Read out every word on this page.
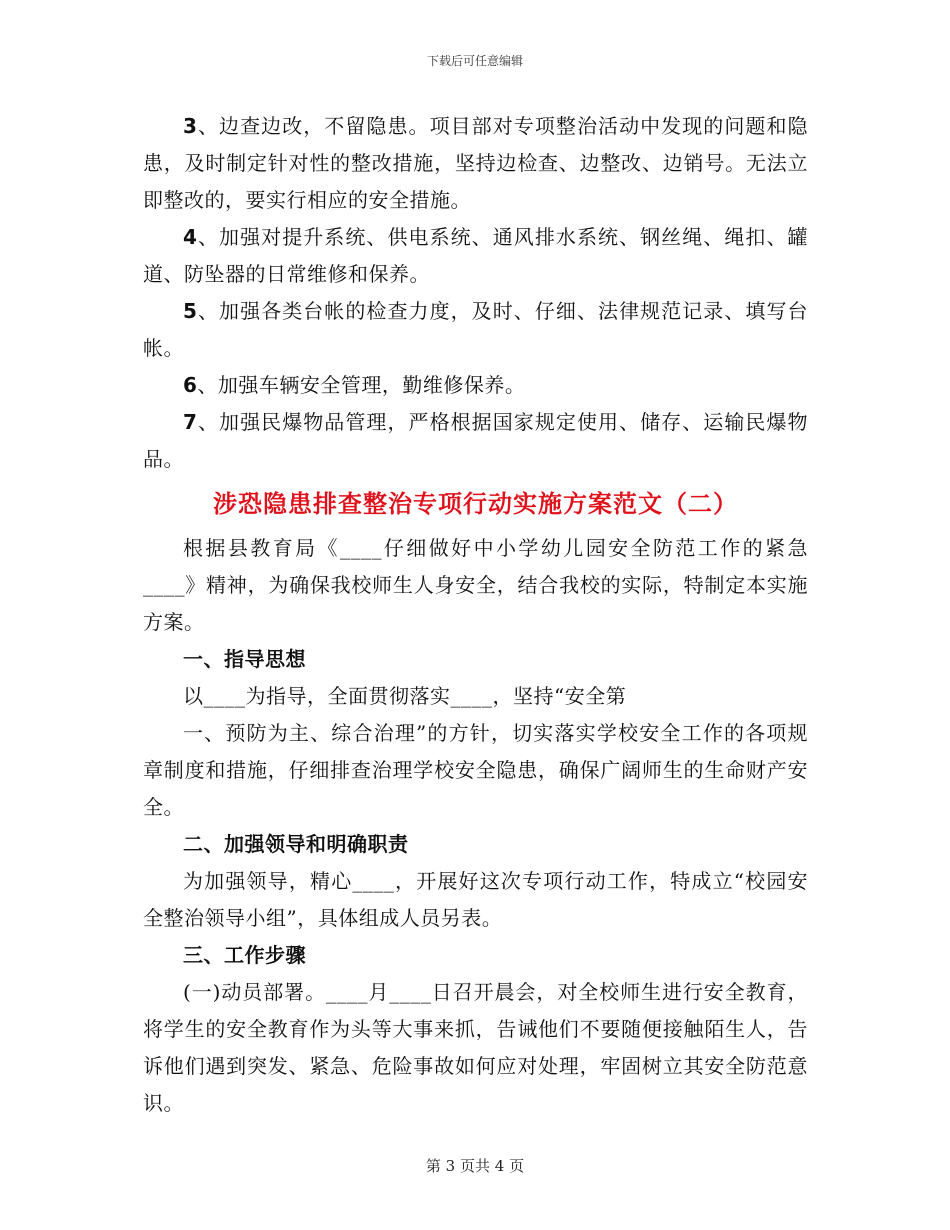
下载后可任意编辑

3、边查边改，不留隐患。项目部对专项整治活动中发现的问题和隐患，及时制定针对性的整改措施，坚持边检查、边整改、边销号。无法立即整改的，要实行相应的安全措施。

4、加强对提升系统、供电系统、通风排水系统、钢丝绳、绳扣、罐道、防坠器的日常维修和保养。

5、加强各类台帐的检查力度，及时、仔细、法律规范记录、填写台帐。

6、加强车辆安全管理，勤维修保养。

7、加强民爆物品管理，严格根据国家规定使用、储存、运输民爆物品。

涉恐隐患排查整治专项行动实施方案范文（二）

根据县教育局《____仔细做好中小学幼儿园安全防范工作的紧急____》精神，为确保我校师生人身安全，结合我校的实际，特制定本实施方案。

一、指导思想

以____为指导，全面贯彻落实____，坚持“安全第

一、预防为主、综合治理”的方针，切实落实学校安全工作的各项规章制度和措施，仔细排查治理学校安全隐患，确保广阔师生的生命财产安全。

二、加强领导和明确职责

为加强领导，精心____，开展好这次专项行动工作，特成立“校园安全整治领导小组”，具体组成人员另表。

三、工作步骤

(一)动员部署。____月____日召开晨会，对全校师生进行安全教育，将学生的安全教育作为头等大事来抓，告诫他们不要随便接触陌生人，告诉他们遇到突发、紧急、危险事故如何应对处理，牢固树立其安全防范意识。

第 3 页共 4 页
